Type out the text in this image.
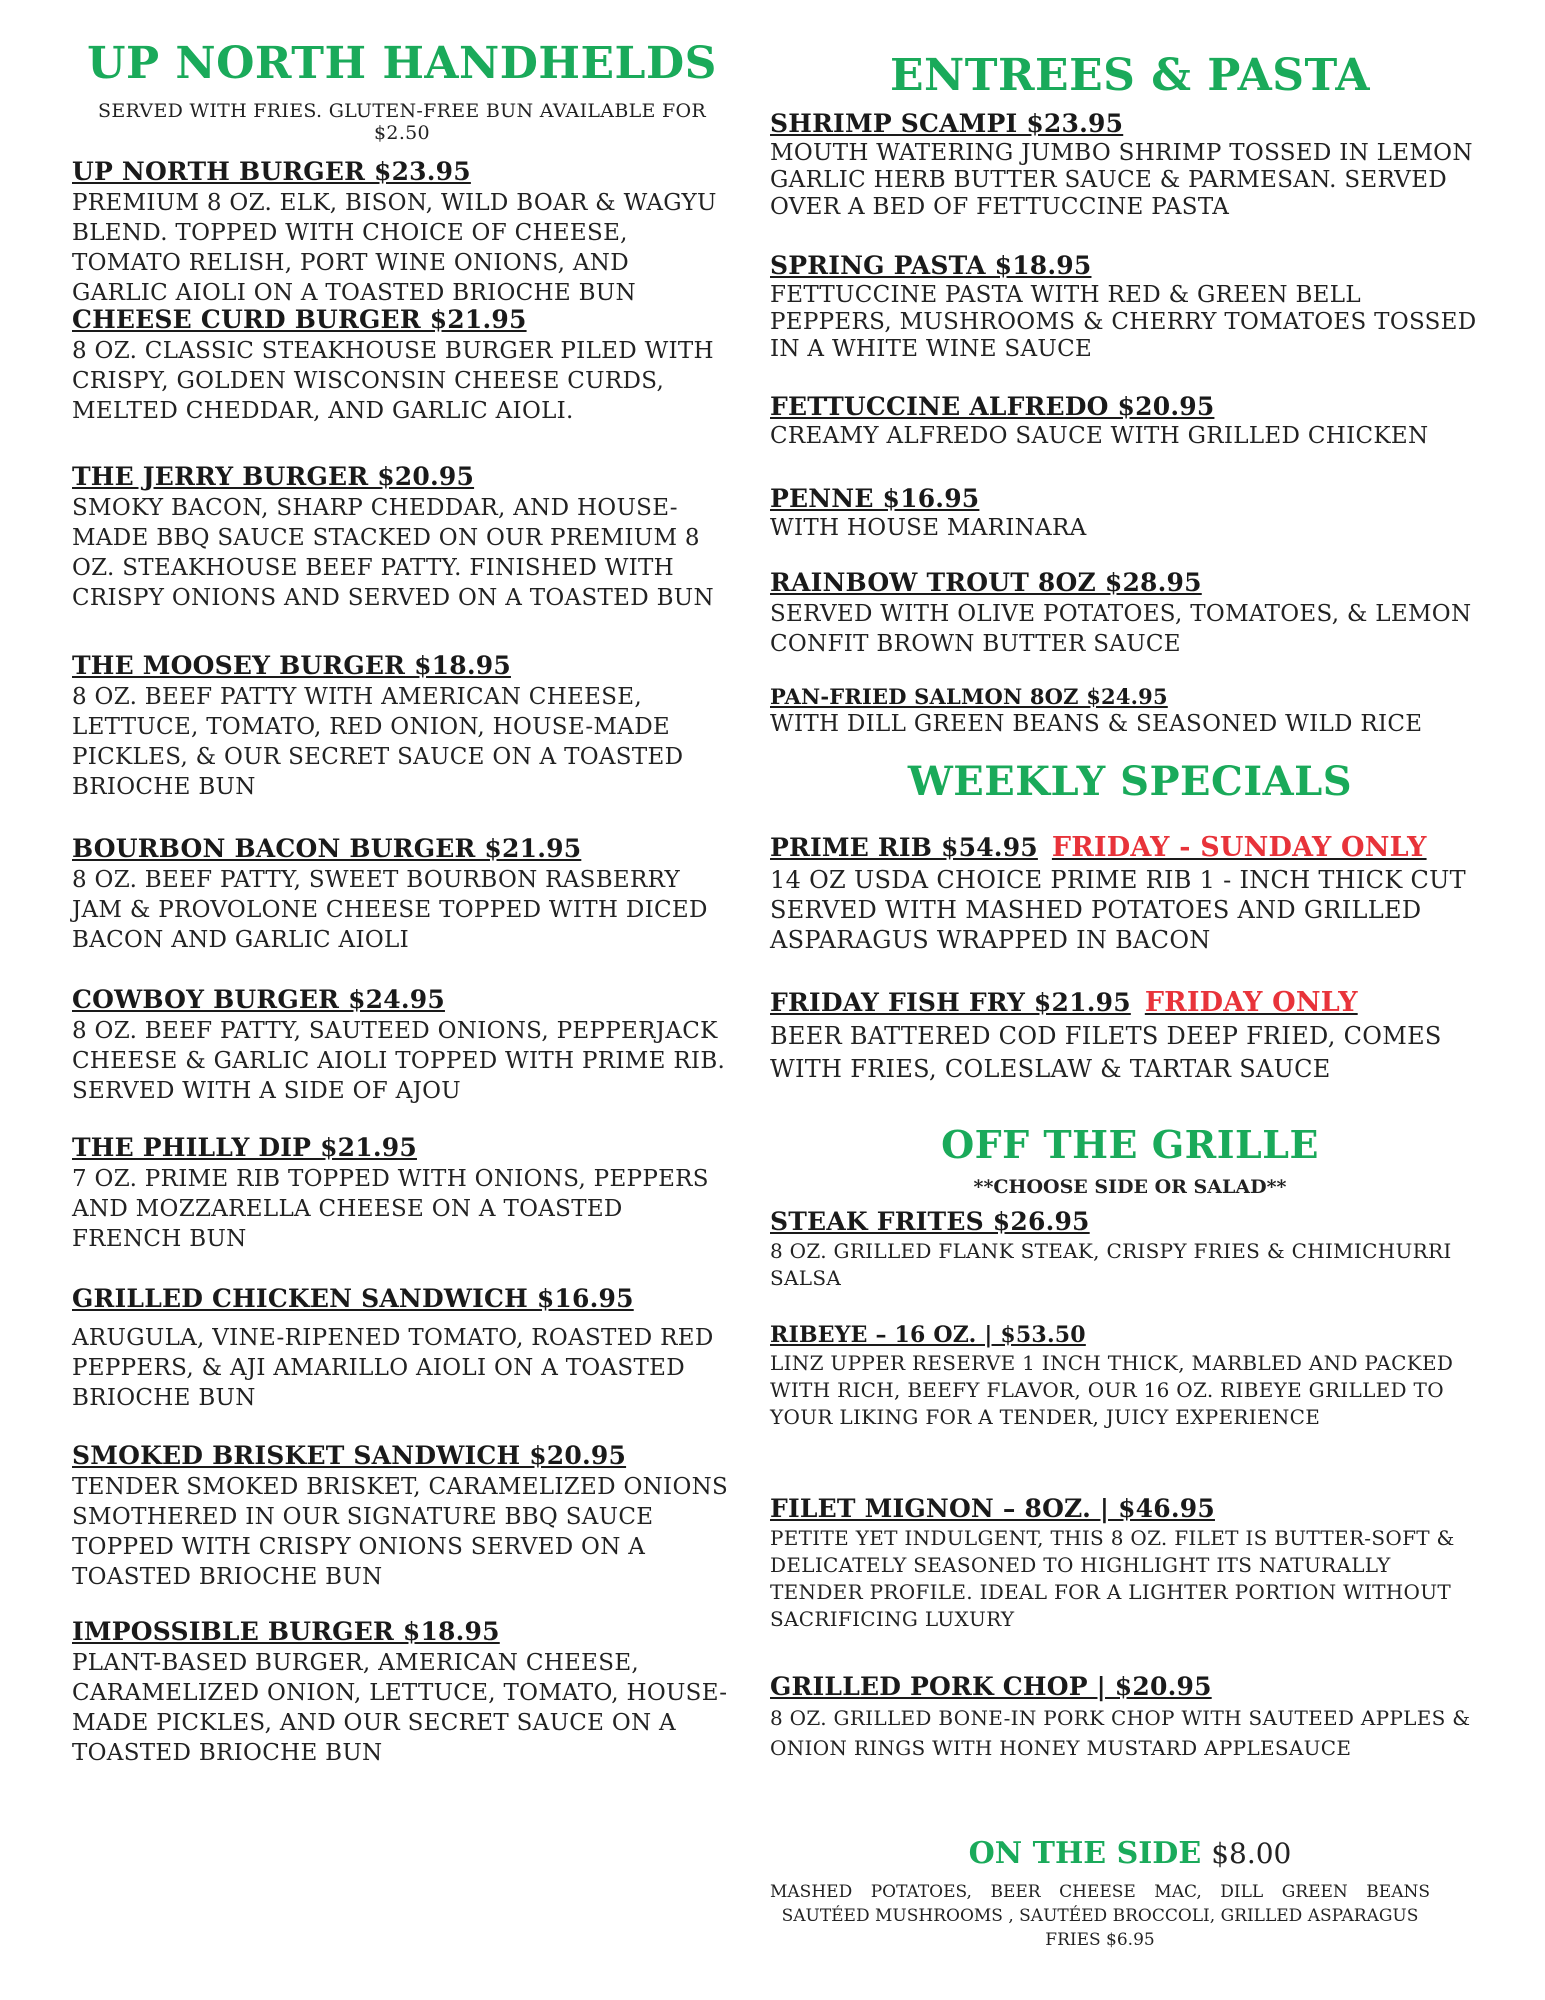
UP NORTH HANDHELDS
SERVED WITH FRIES. GLUTEN-FREE BUN AVAILABLE FOR
$2.50
UP NORTH BURGER $23.95
PREMIUM 8 OZ. ELK, BISON, WILD BOAR & WAGYU BLEND. TOPPED WITH CHOICE OF CHEESE, TOMATO RELISH, PORT WINE ONIONS, AND GARLIC AIOLI ON A TOASTED BRIOCHE BUN
CHEESE CURD BURGER $21.95
8 OZ. CLASSIC STEAKHOUSE BURGER PILED WITH CRISPY, GOLDEN WISCONSIN CHEESE CURDS, MELTED CHEDDAR, AND GARLIC AIOLI.
THE JERRY BURGER $20.95
SMOKY BACON, SHARP CHEDDAR, AND HOUSE-MADE BBQ SAUCE STACKED ON OUR PREMIUM 8 OZ. STEAKHOUSE BEEF PATTY. FINISHED WITH CRISPY ONIONS AND SERVED ON A TOASTED BUN
THE MOOSEY BURGER $18.95
8 OZ. BEEF PATTY WITH AMERICAN CHEESE, LETTUCE, TOMATO, RED ONION, HOUSE-MADE PICKLES, & OUR SECRET SAUCE ON A TOASTED BRIOCHE BUN
BOURBON BACON BURGER $21.95
8 OZ. BEEF PATTY, SWEET BOURBON RASBERRY JAM & PROVOLONE CHEESE TOPPED WITH DICED BACON AND GARLIC AIOLI
COWBOY BURGER $24.95
8 OZ. BEEF PATTY, SAUTEED ONIONS, PEPPERJACK CHEESE & GARLIC AIOLI TOPPED WITH PRIME RIB. SERVED WITH A SIDE OF AJOU
THE PHILLY DIP $21.95
7 OZ. PRIME RIB TOPPED WITH ONIONS, PEPPERS AND MOZZARELLA CHEESE ON A TOASTED FRENCH BUN
GRILLED CHICKEN SANDWICH $16.95
ARUGULA, VINE-RIPENED TOMATO, ROASTED RED PEPPERS, & AJI AMARILLO AIOLI ON A TOASTED BRIOCHE BUN
SMOKED BRISKET SANDWICH $20.95
TENDER SMOKED BRISKET, CARAMELIZED ONIONS SMOTHERED IN OUR SIGNATURE BBQ SAUCE TOPPED WITH CRISPY ONIONS SERVED ON A TOASTED BRIOCHE BUN
IMPOSSIBLE BURGER $18.95
PLANT-BASED BURGER, AMERICAN CHEESE, CARAMELIZED ONION, LETTUCE, TOMATO, HOUSE-MADE PICKLES, AND OUR SECRET SAUCE ON A TOASTED BRIOCHE BUN
ENTREES & PASTA
SHRIMP SCAMPI $23.95
MOUTH WATERING JUMBO SHRIMP TOSSED IN LEMON GARLIC HERB BUTTER SAUCE & PARMESAN. SERVED OVER A BED OF FETTUCCINE PASTA
SPRING PASTA $18.95
FETTUCCINE PASTA WITH RED & GREEN BELL PEPPERS, MUSHROOMS & CHERRY TOMATOES TOSSED IN A WHITE WINE SAUCE
FETTUCCINE ALFREDO $20.95
CREAMY ALFREDO SAUCE WITH GRILLED CHICKEN
PENNE $16.95
WITH HOUSE MARINARA
RAINBOW TROUT 8OZ $28.95
SERVED WITH OLIVE POTATOES, TOMATOES, & LEMON CONFIT BROWN BUTTER SAUCE
PAN-FRIED SALMON 8OZ $24.95
WITH DILL GREEN BEANS & SEASONED WILD RICE
WEEKLY SPECIALS
PRIME RIB $54.95 FRIDAY - SUNDAY ONLY
14 OZ USDA CHOICE PRIME RIB 1 - INCH THICK CUT SERVED WITH MASHED POTATOES AND GRILLED ASPARAGUS WRAPPED IN BACON
FRIDAY FISH FRY $21.95 FRIDAY ONLY
BEER BATTERED COD FILETS DEEP FRIED, COMES WITH FRIES, COLESLAW & TARTAR SAUCE
OFF THE GRILLE
**CHOOSE SIDE OR SALAD**
STEAK FRITES $26.95
8 OZ. GRILLED FLANK STEAK, CRISPY FRIES & CHIMICHURRI SALSA
RIBEYE – 16 OZ. | $53.50
LINZ UPPER RESERVE 1 INCH THICK, MARBLED AND PACKED WITH RICH, BEEFY FLAVOR, OUR 16 OZ. RIBEYE GRILLED TO YOUR LIKING FOR A TENDER, JUICY EXPERIENCE
FILET MIGNON – 8OZ. | $46.95
PETITE YET INDULGENT, THIS 8 OZ. FILET IS BUTTER-SOFT & DELICATELY SEASONED TO HIGHLIGHT ITS NATURALLY TENDER PROFILE. IDEAL FOR A LIGHTER PORTION WITHOUT SACRIFICING LUXURY
GRILLED PORK CHOP | $20.95
8 OZ. GRILLED BONE-IN PORK CHOP WITH SAUTEED APPLES & ONION RINGS WITH HONEY MUSTARD APPLESAUCE
ON THE SIDE $8.00
MASHED POTATOES, BEER CHEESE MAC, DILL GREEN BEANS
SAUTÉED MUSHROOMS , SAUTÉED BROCCOLI, GRILLED ASPARAGUS
FRIES $6.95
